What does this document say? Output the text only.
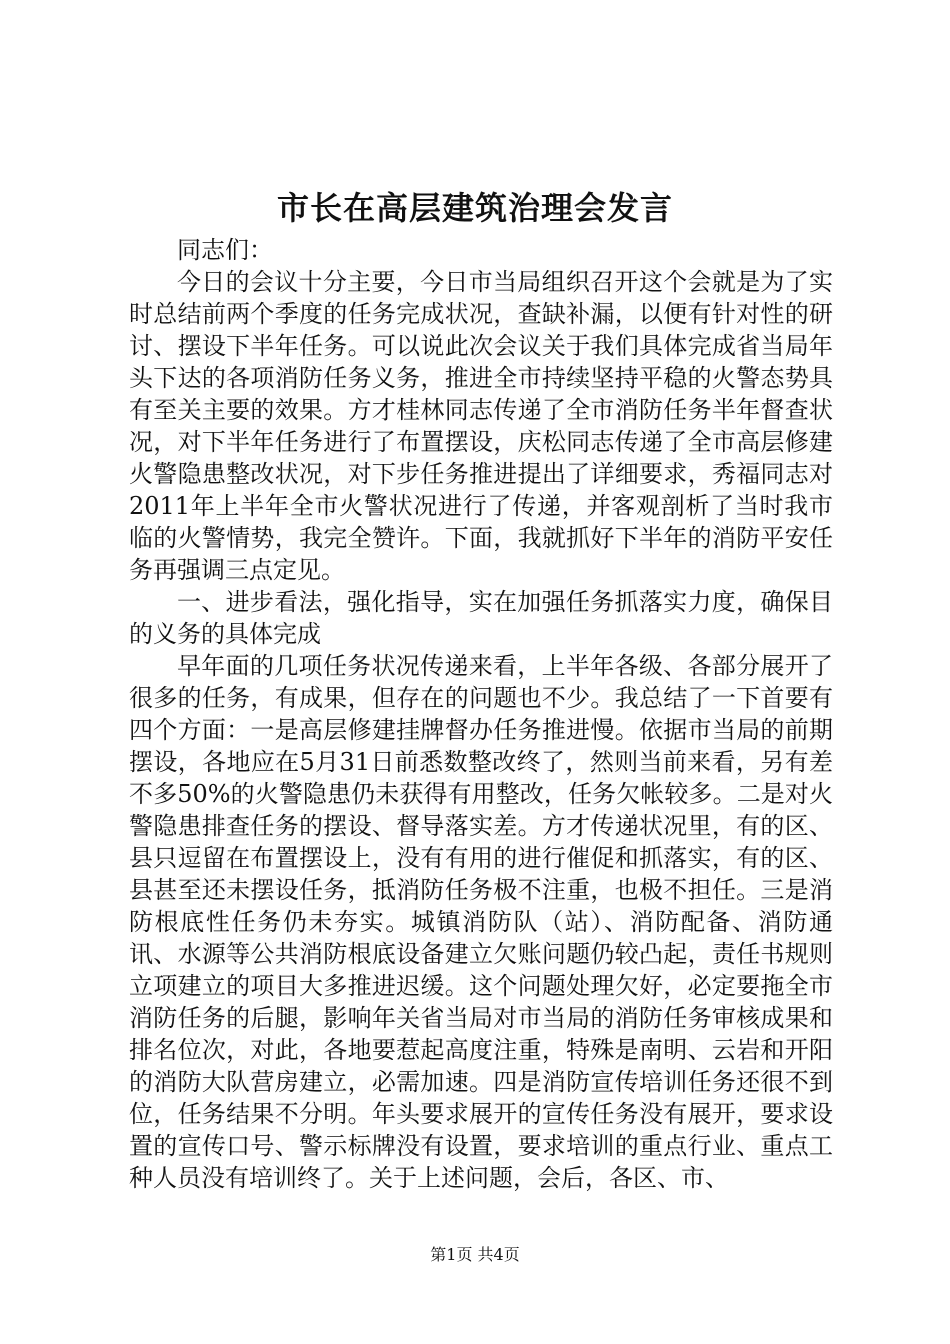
市长在高层建筑治理会发言

同志们：

今日的会议十分主要，今日市当局组织召开这个会就是为了实时总结前两个季度的任务完成状况，查缺补漏，以便有针对性的研讨、摆设下半年任务。可以说此次会议关于我们具体完成省当局年头下达的各项消防任务义务，推进全市持续坚持平稳的火警态势具有至关主要的效果。方才桂林同志传递了全市消防任务半年督查状况，对下半年任务进行了布置摆设，庆松同志传递了全市高层修建火警隐患整改状况，对下步任务推进提出了详细要求，秀福同志对2011年上半年全市火警状况进行了传递，并客观剖析了当时我市临的火警情势，我完全赞许。下面，我就抓好下半年的消防平安任务再强调三点定见。

一、进步看法，强化指导，实在加强任务抓落实力度，确保目的义务的具体完成

早年面的几项任务状况传递来看，上半年各级、各部分展开了很多的任务，有成果，但存在的问题也不少。我总结了一下首要有四个方面：一是高层修建挂牌督办任务推进慢。依据市当局的前期摆设，各地应在5月31日前悉数整改终了，然则当前来看，另有差不多50%的火警隐患仍未获得有用整改，任务欠帐较多。二是对火警隐患排查任务的摆设、督导落实差。方才传递状况里，有的区、县只逗留在布置摆设上，没有有用的进行催促和抓落实，有的区、县甚至还未摆设任务，抵消防任务极不注重，也极不担任。三是消防根底性任务仍未夯实。城镇消防队（站）、消防配备、消防通讯、水源等公共消防根底设备建立欠账问题仍较凸起，责任书规则立项建立的项目大多推进迟缓。这个问题处理欠好，必定要拖全市消防任务的后腿，影响年关省当局对市当局的消防任务审核成果和排名位次，对此，各地要惹起高度注重，特殊是南明、云岩和开阳的消防大队营房建立，必需加速。四是消防宣传培训任务还很不到位，任务结果不分明。年头要求展开的宣传任务没有展开，要求设置的宣传口号、警示标牌没有设置，要求培训的重点行业、重点工种人员没有培训终了。关于上述问题，会后，各区、市、

第1页 共4页
